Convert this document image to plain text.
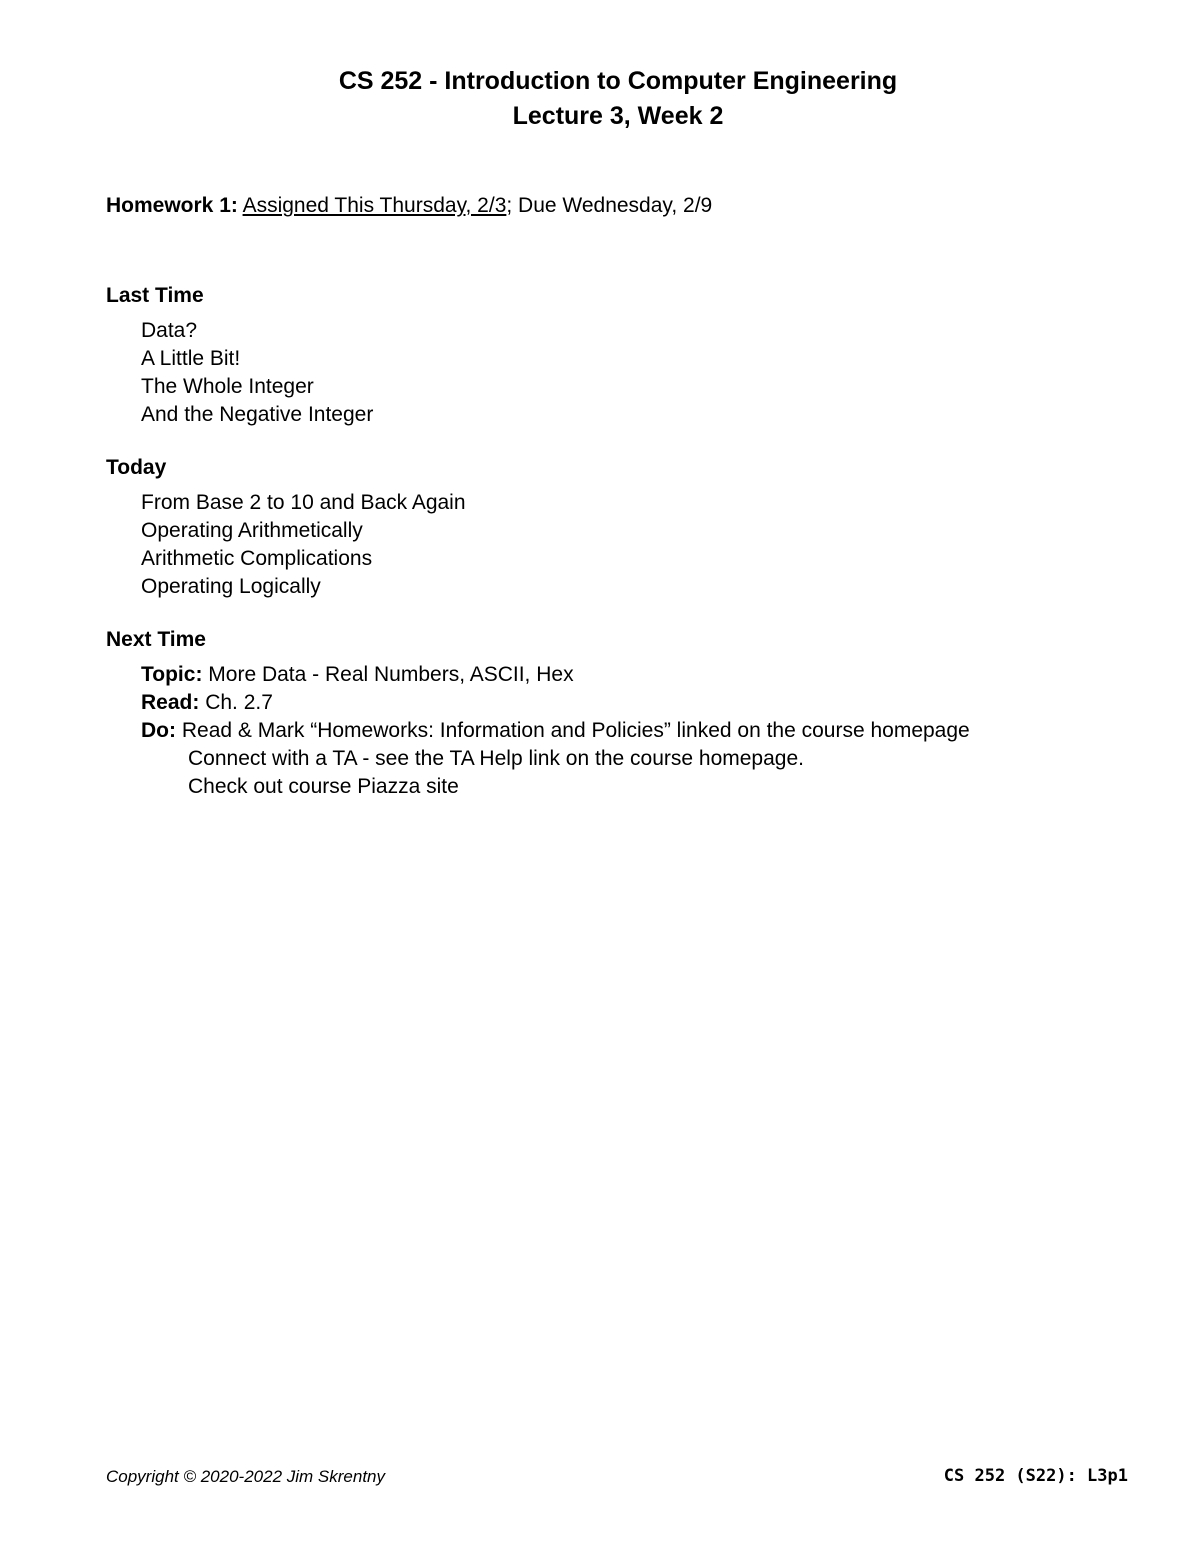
CS 252 - Introduction to Computer Engineering
Lecture 3, Week 2
Homework 1: Assigned This Thursday, 2/3; Due Wednesday, 2/9
Last Time
Data?
A Little Bit!
The Whole Integer
And the Negative Integer
Today
From Base 2 to 10 and Back Again
Operating Arithmetically
Arithmetic Complications
Operating Logically
Next Time
Topic: More Data - Real Numbers, ASCII, Hex
Read: Ch. 2.7
Do: Read & Mark “Homeworks: Information and Policies” linked on the course homepage
Connect with a TA - see the TA Help link on the course homepage.
Check out course Piazza site
Copyright © 2020-2022 Jim Skrentny	CS 252 (S22): L3p1
